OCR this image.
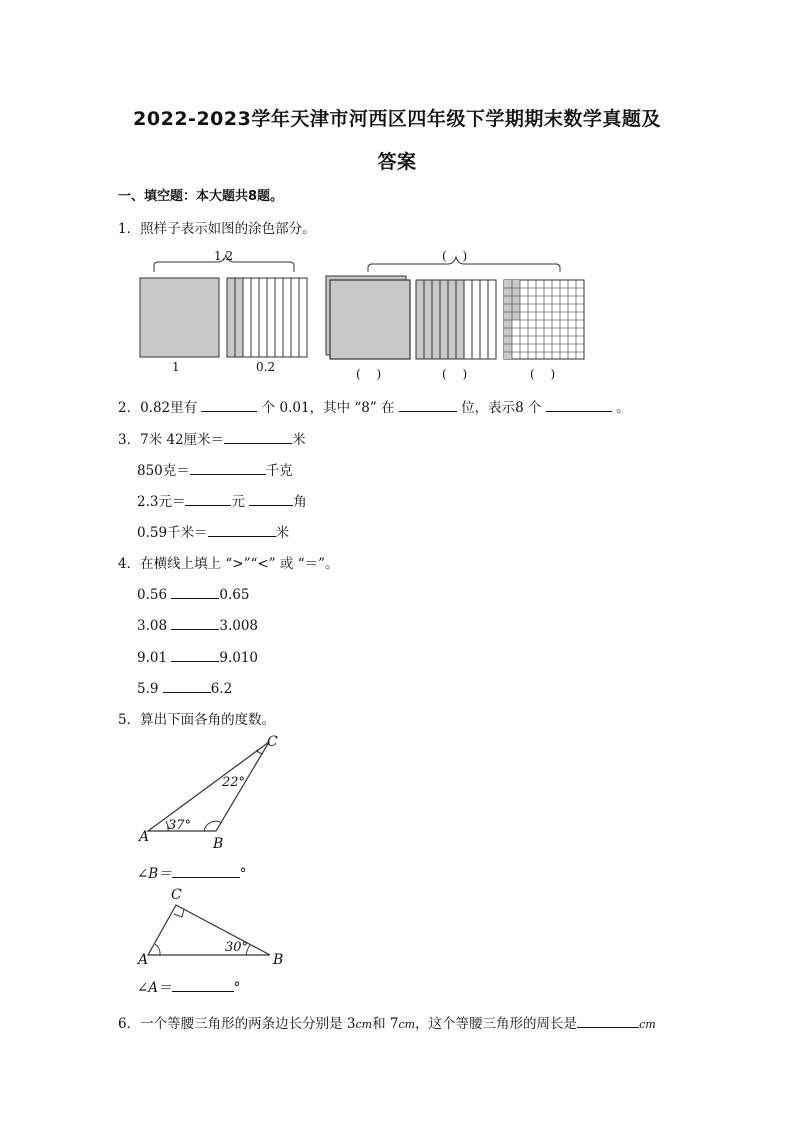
2022-2023学年天津市河西区四年级下学期期末数学真题及
答案
一、填空题：本大题共8题。
1．照样子表示如图的涂色部分。
1.2
1	0.2
(　 )
(　 )	(　 )	(　 )
2．0.82里有	个 0.01，其中 “8” 在	位，表示8 个	。
3．7米 42厘米＝	米
850克＝	千克
2.3元＝	元	角
0.59千米＝	米
4．在横线上填上 “>”“<” 或 “＝”。
0.56	0.65
3.08	3.008
9.01	9.010
5.9	6.2
5．算出下面各角的度数。
A	B
C
37°
22°
∠B＝	°
C
A	B
30°
∠A＝	°
6．一个等腰三角形的两条边长分别是 3cm和 7cm，这个等腰三角形的周长是	cm
